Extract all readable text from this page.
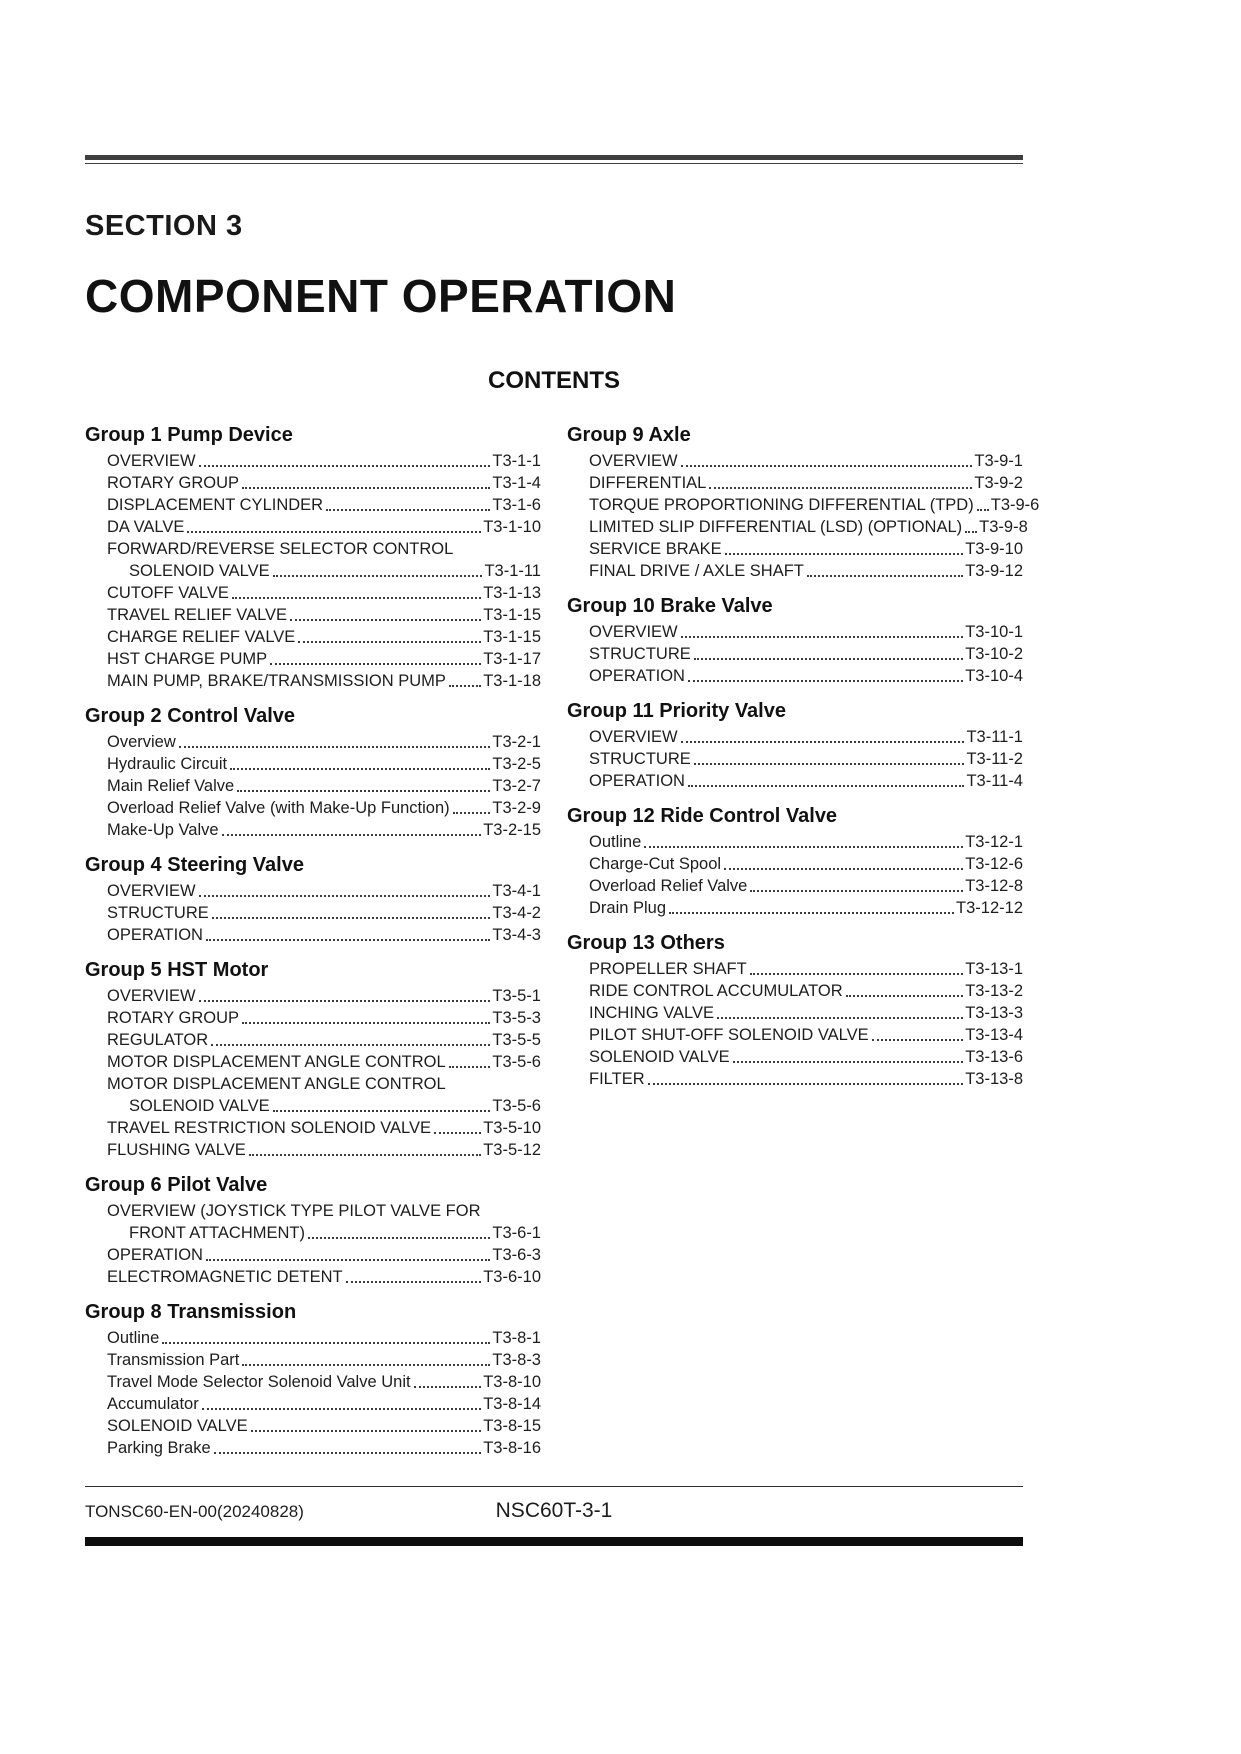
SECTION 3
COMPONENT OPERATION
CONTENTS
Group 1 Pump Device
OVERVIEW	T3-1-1
ROTARY GROUP	T3-1-4
DISPLACEMENT CYLINDER	T3-1-6
DA VALVE	T3-1-10
FORWARD/REVERSE SELECTOR CONTROL
SOLENOID VALVE	T3-1-11
CUTOFF VALVE	T3-1-13
TRAVEL RELIEF VALVE	T3-1-15
CHARGE RELIEF VALVE	T3-1-15
HST CHARGE PUMP	T3-1-17
MAIN PUMP, BRAKE/TRANSMISSION PUMP T3-1-18
Group 2 Control Valve
Overview	T3-2-1
Hydraulic Circuit	T3-2-5
Main Relief Valve	T3-2-7
Overload Relief Valve (with Make-Up Function)	T3-2-9
Make-Up Valve	T3-2-15
Group 4 Steering Valve
OVERVIEW	T3-4-1
STRUCTURE	T3-4-2
OPERATION	T3-4-3
Group 5 HST Motor
OVERVIEW	T3-5-1
ROTARY GROUP	T3-5-3
REGULATOR	T3-5-5
MOTOR DISPLACEMENT ANGLE CONTROL	T3-5-6
MOTOR DISPLACEMENT ANGLE CONTROL
SOLENOID VALVE	T3-5-6
TRAVEL RESTRICTION SOLENOID VALVE	T3-5-10
FLUSHING VALVE	T3-5-12
Group 6 Pilot Valve
OVERVIEW (JOYSTICK TYPE PILOT VALVE FOR
FRONT ATTACHMENT)	T3-6-1
OPERATION	T3-6-3
ELECTROMAGNETIC DETENT	T3-6-10
Group 8 Transmission
Outline	T3-8-1
Transmission Part	T3-8-3
Travel Mode Selector Solenoid Valve Unit	T3-8-10
Accumulator	T3-8-14
SOLENOID VALVE	T3-8-15
Parking Brake	T3-8-16
Group 9 Axle
OVERVIEW	T3-9-1
DIFFERENTIAL	T3-9-2
TORQUE PROPORTIONING DIFFERENTIAL (TPD) T3-9-6
LIMITED SLIP DIFFERENTIAL (LSD) (OPTIONAL) T3-9-8
SERVICE BRAKE	T3-9-10
FINAL DRIVE / AXLE SHAFT	T3-9-12
Group 10 Brake Valve
OVERVIEW	T3-10-1
STRUCTURE	T3-10-2
OPERATION	T3-10-4
Group 11 Priority Valve
OVERVIEW	T3-11-1
STRUCTURE	T3-11-2
OPERATION	T3-11-4
Group 12 Ride Control Valve
Outline	T3-12-1
Charge-Cut Spool	T3-12-6
Overload Relief Valve	T3-12-8
Drain Plug	T3-12-12
Group 13 Others
PROPELLER SHAFT	T3-13-1
RIDE CONTROL ACCUMULATOR	T3-13-2
INCHING VALVE	T3-13-3
PILOT SHUT-OFF SOLENOID VALVE	T3-13-4
SOLENOID VALVE	T3-13-6
FILTER	T3-13-8
TONSC60-EN-00(20240828)	NSC60T-3-1
